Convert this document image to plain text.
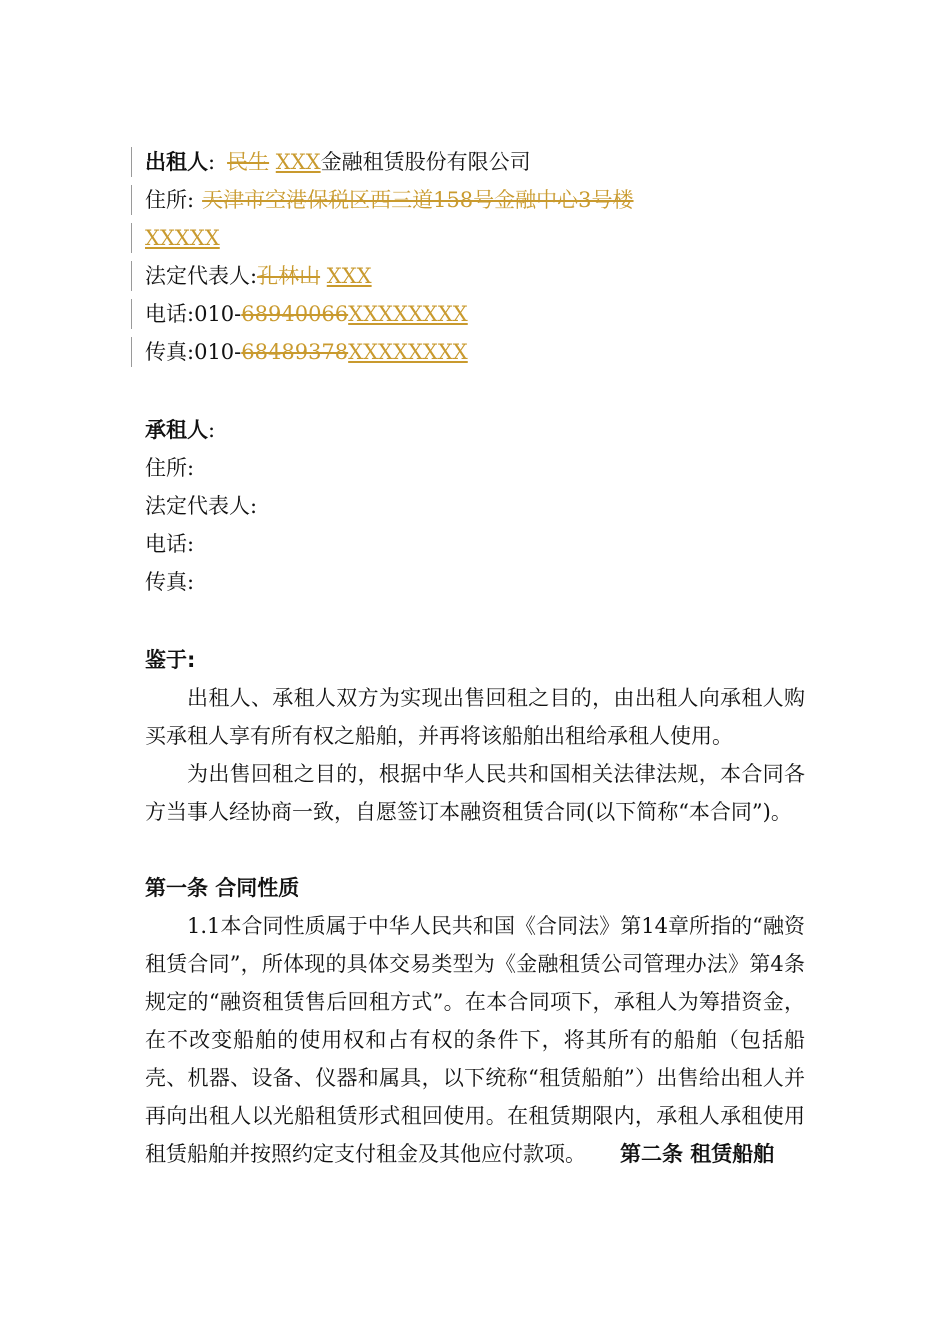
出租人: 民生 XXX金融租赁股份有限公司
住所: 天津市空港保税区西三道158号金融中心3号楼
XXXXX
法定代表人:孔林山 XXX
电话:010-68940066XXXXXXXX
传真:010-68489378XXXXXXXX
承租人:
住所:
法定代表人:
电话:
传真:
鉴于:
出租人、承租人双方为实现出售回租之目的，由出租人向承租人购买承租人享有所有权之船舶，并再将该船舶出租给承租人使用。
为出售回租之目的，根据中华人民共和国相关法律法规，本合同各方当事人经协商一致，自愿签订本融资租赁合同(以下简称“本合同”)。
第一条 合同性质
1.1本合同性质属于中华人民共和国《合同法》第14章所指的“融资租赁合同”，所体现的具体交易类型为《金融租赁公司管理办法》第4条规定的“融资租赁售后回租方式”。在本合同项下，承租人为筹措资金，在不改变船舶的使用权和占有权的条件下，将其所有的船舶（包括船壳、机器、设备、仪器和属具，以下统称“租赁船舶”）出售给出租人并再向出租人以光船租赁形式租回使用。在租赁期限内，承租人承租使用租赁船舶并按照约定支付租金及其他应付款项。 第二条 租赁船舶
